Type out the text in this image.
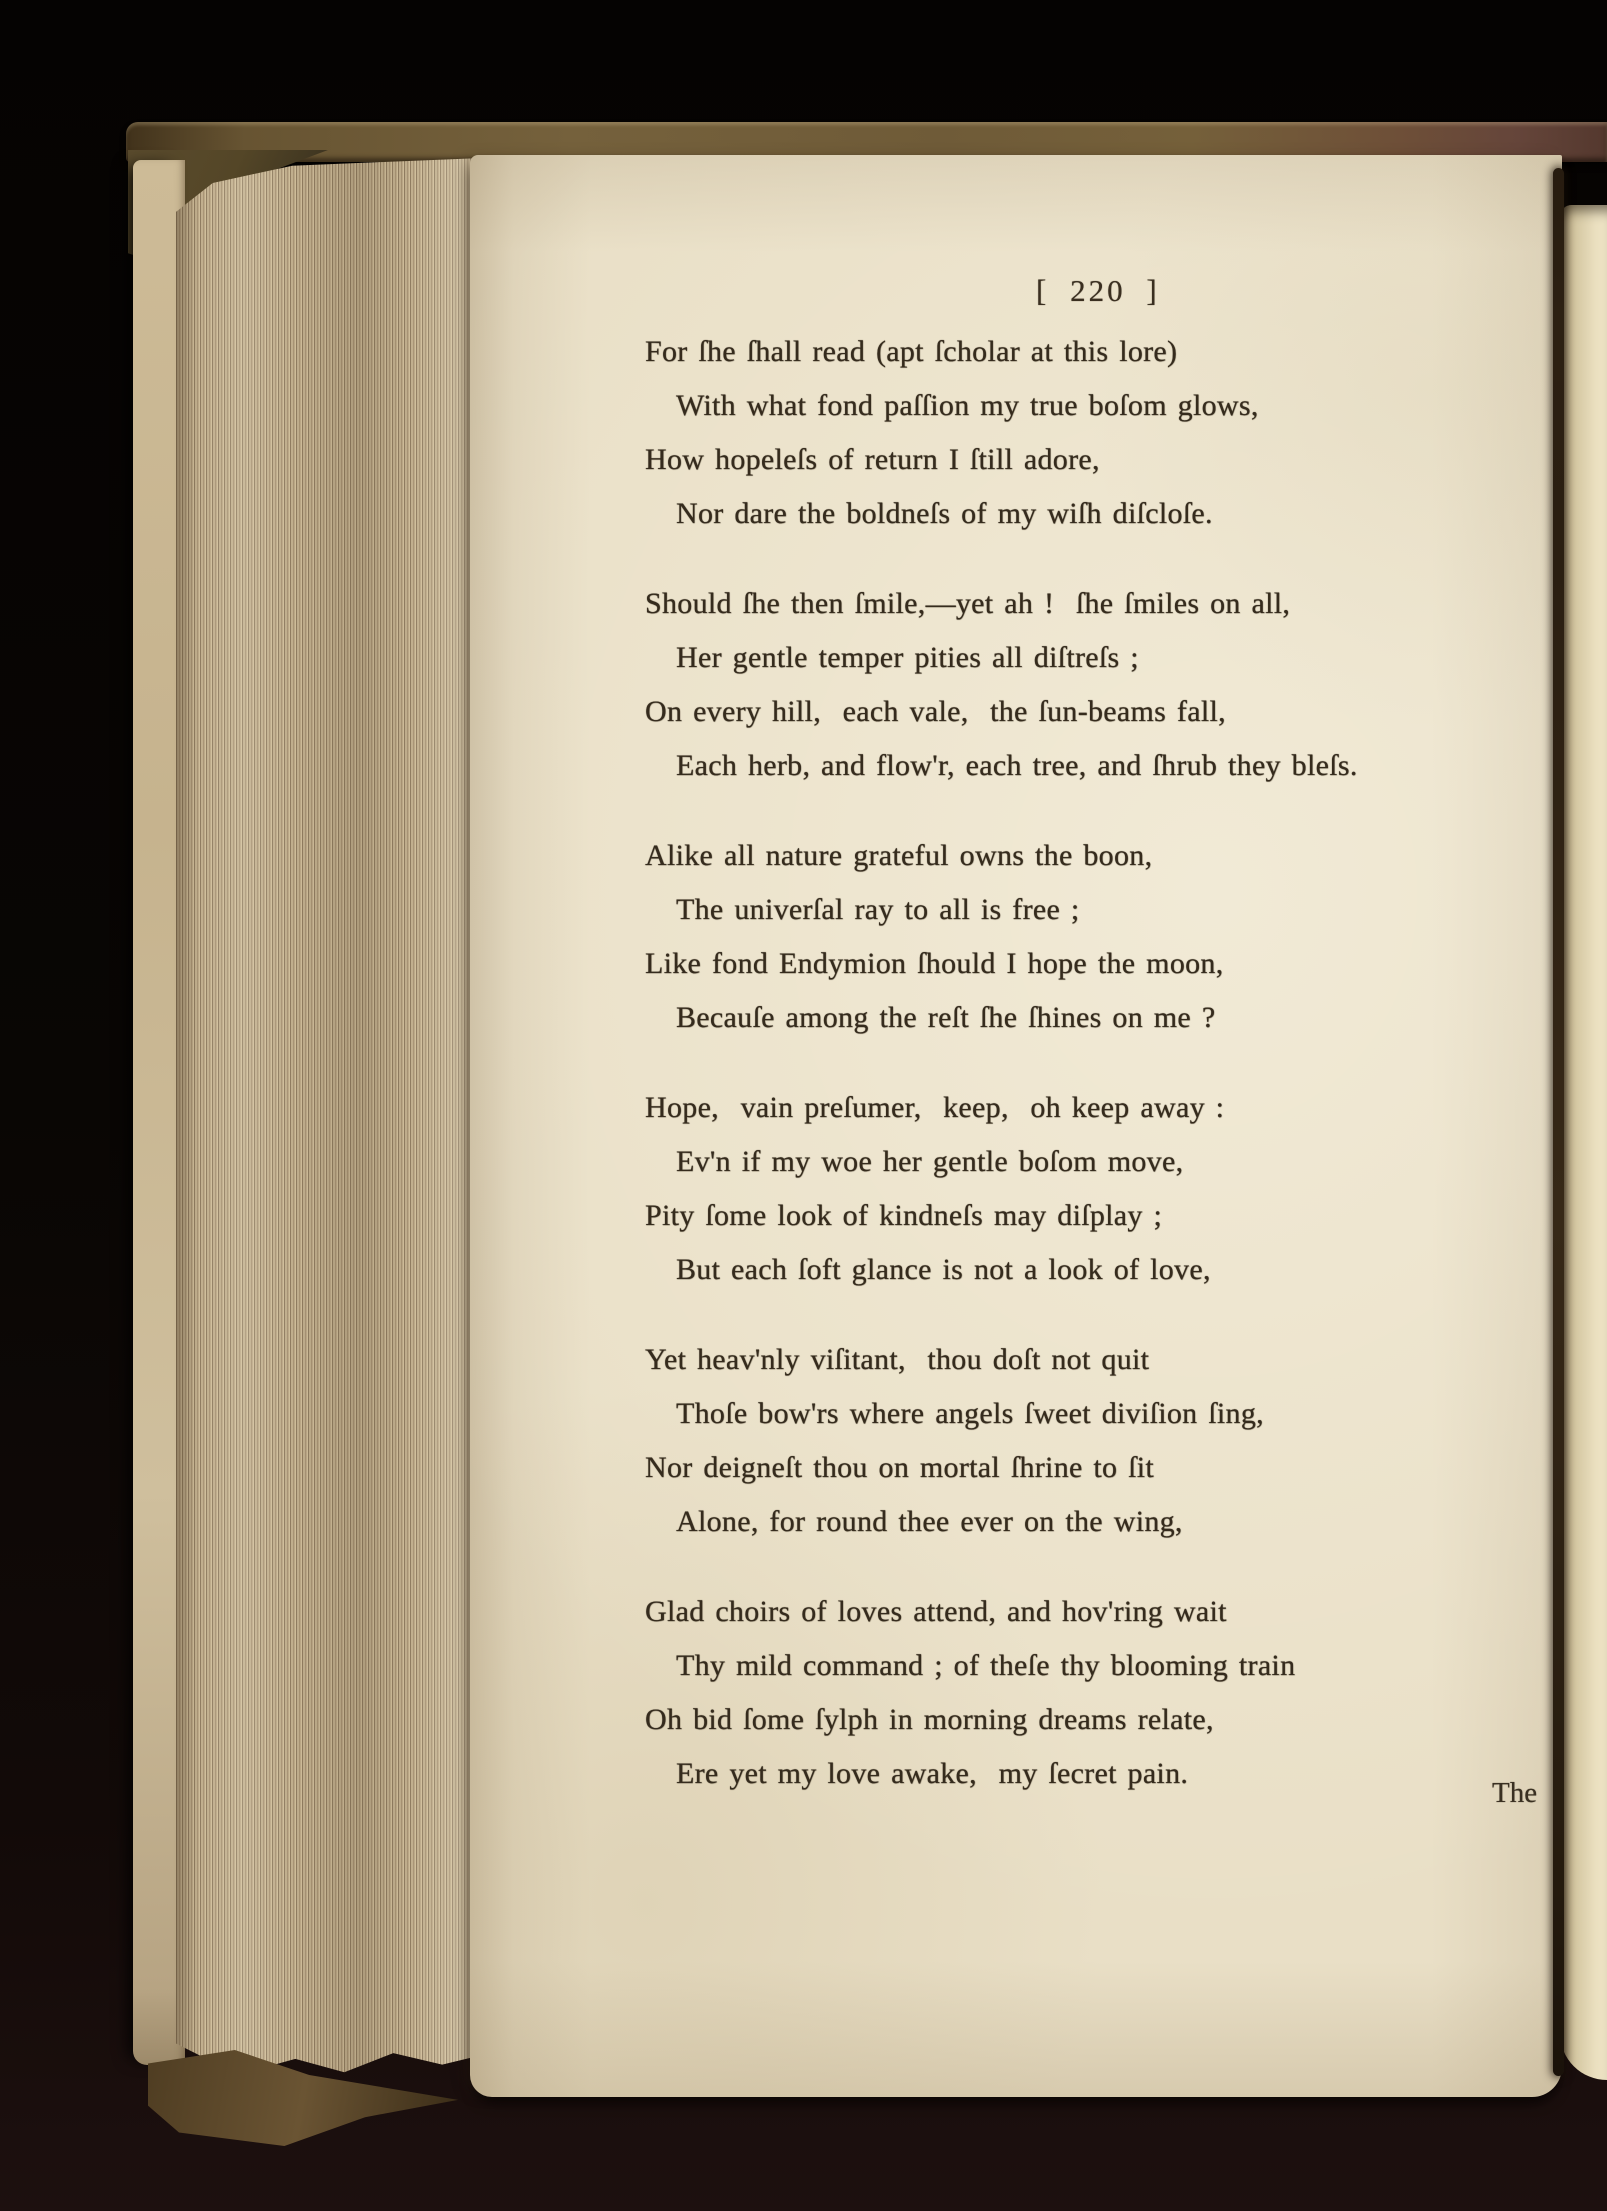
[ 220 ]
For ſhe ſhall read (apt ſcholar at this lore)
With what fond paſſion my true boſom glows,
How hopeleſs of return I ſtill adore,
Nor dare the boldneſs of my wiſh diſcloſe.
Should ſhe then ſmile,—yet ah !  ſhe ſmiles on all,
Her gentle temper pities all diſtreſs ;
On every hill,  each vale,  the ſun-beams fall,
Each herb, and flow'r, each tree, and ſhrub they bleſs.
Alike all nature grateful owns the boon,
The univerſal ray to all is free ;
Like fond Endymion ſhould I hope the moon,
Becauſe among the reſt ſhe ſhines on me ?
Hope,  vain preſumer,  keep,  oh keep away :
Ev'n if my woe her gentle boſom move,
Pity ſome look of kindneſs may diſplay ;
But each ſoft glance is not a look of love,
Yet heav'nly viſitant,  thou doſt not quit
Thoſe bow'rs where angels ſweet diviſion ſing,
Nor deigneſt thou on mortal ſhrine to ſit
Alone, for round thee ever on the wing,
Glad choirs of loves attend, and hov'ring wait
Thy mild command ; of theſe thy blooming train
Oh bid ſome ſylph in morning dreams relate,
Ere yet my love awake,  my ſecret pain.
The
